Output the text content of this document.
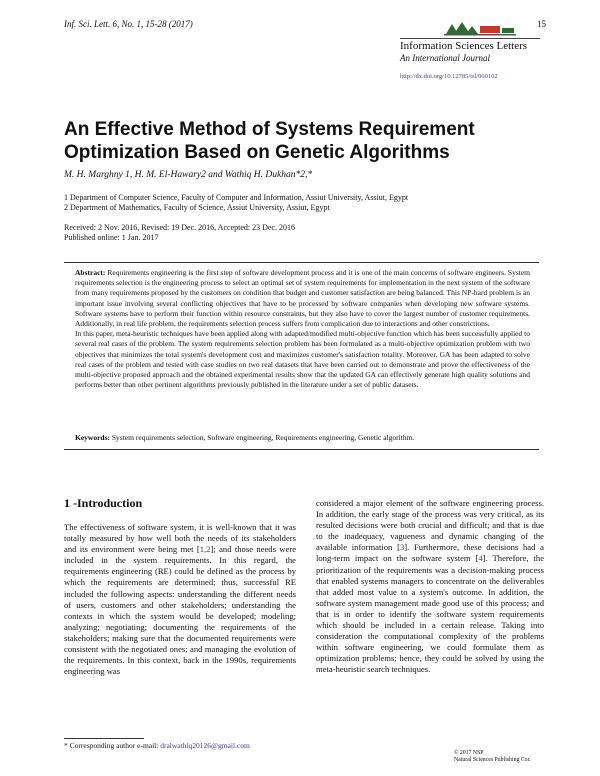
Inf. Sci. Lett. 6, No. 1, 15-28 (2017)	15
Information Sciences Letters
An International Journal
http://dx.doi.org/10.12785/isl/060102
An Effective Method of Systems Requirement Optimization Based on Genetic Algorithms
M. H. Marghny 1, H. M. El-Hawary2 and Wathiq H. Dukhan*2,*
1 Department of Computer Science, Faculty of Computer and Information, Assiut University, Assiut, Egypt
2 Department of Mathematics, Faculty of Science, Assiut University, Assiut, Egypt
Received: 2 Nov. 2016, Revised: 19 Dec. 2016, Accepted: 23 Dec. 2016
Published online: 1 Jan. 2017

Abstract: Requirements engineering is the first step of software development process and it is one of the main concerns of software engineers. System requirements selection is the engineering process to select an optimal set of system requirements for implementation in the next system of the software from many requirements proposed by the customers on condition that budget and customer satisfaction are being balanced. This NP-hard problem is an important issue involving several conflicting objectives that have to be processed by software companies when developing new software systems. Software systems have to perform their function within resource constraints, but they also have to cover the largest number of customer requirements. Additionally, in real life problem, the requirements selection process suffers from complication due to interactions and other constrictions.

In this paper, meta-heuristic techniques have been applied along with adapted/modified multi-objective function which has been successfully applied to several real cases of the problem. The system requirements selection problem has been formulated as a multi-objective optimization problem with two objectives that minimizes the total system's development cost and maximizes customer's satisfaction totality. Moreover, GA has been adapted to solve real cases of the problem and tested with case studies on two real datasets that have been carried out to demonstrate and prove the effectiveness of the multi-objective proposed approach and the obtained experimental results show that the updated GA can effectively generate high quality solutions and performs better than other pertinent algorithms previously published in the literature under a set of public datasets.

Keywords: System requirements selection, Software engineering, Requirements engineering, Genetic algorithm.
1 -Introduction

The effectiveness of software system, it is well-known that it was totally measured by how well both the needs of its stakeholders and its environment were being met [1,2]; and those needs were included in the system requirements. In this regard, the requirements engineering (RE) could be defined as the process by which the requirements are determined; thus, successful RE included the following aspects: understanding the different needs of users, customers and other stakeholders; understanding the contexts in which the system would be developed; modeling; analyzing; negotiating; documenting the requirements of the stakeholders; making sure that the documented requirements were consistent with the negotiated ones; and managing the evolution of the requirements. In this context, back in the 1990s, requirements engineering was

considered a major element of the software engineering process. In addition, the early stage of the process was very critical, as its resulted decisions were both crucial and difficult; and that is due to the inadequacy, vagueness and dynamic changing of the available information [3]. Furthermore, these decisions had a long-term impact on the software system [4]. Therefore, the prioritization of the requirements was a decision-making process that enabled systems managers to concentrate on the deliverables that added most value to a system's outcome. In addition, the software system management made good use of this process; and that is in order to identify the software system requirements which should be included in a certain release. Taking into consideration the computational complexity of the problems within software engineering, we could formulate them as optimization problems; hence, they could be solved by using the meta-heuristic search techniques.

* Corresponding author e-mail: dralwathiq20126@gmail.com
© 2017 NSP
Natural Sciences Publishing Cor.
